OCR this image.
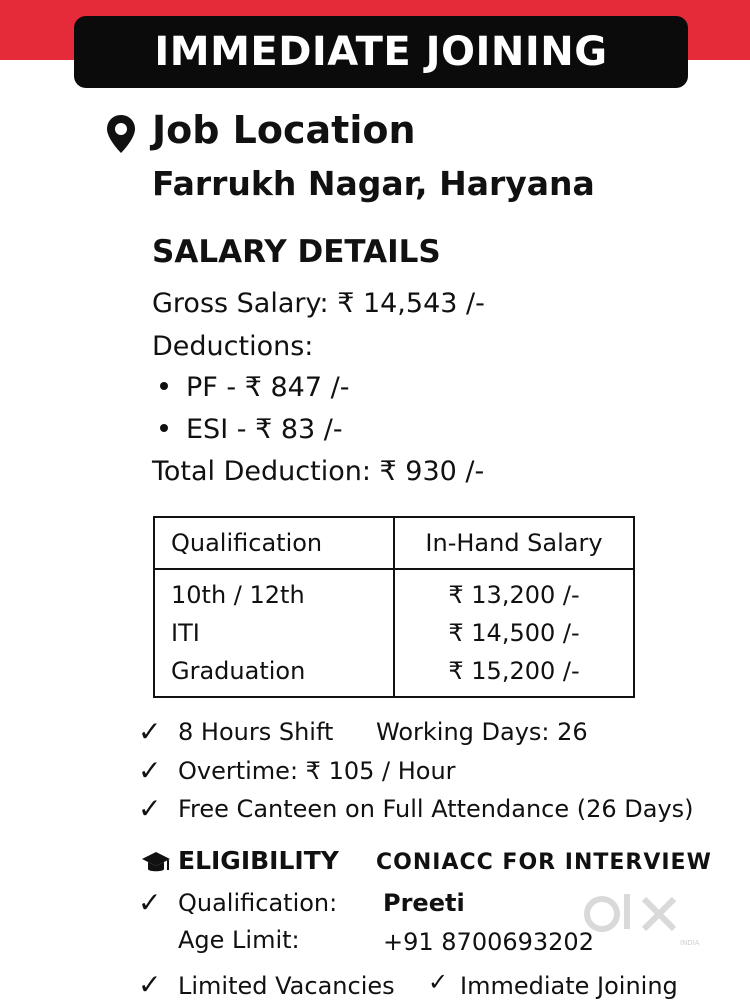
IMMEDIATE JOINING
Job Location
Farrukh Nagar, Haryana
SALARY DETAILS
Gross Salary: ₹ 14,543 /-
Deductions:
PF - ₹ 847 /-
ESI - ₹ 83 /-
Total Deduction: ₹ 930 /-
Qualification	In-Hand Salary
10th / 12th	₹ 13,200 /-
ITI	₹ 14,500 /-
Graduation	₹ 15,200 /-
✓ 8 Hours Shift Working Days: 26
✓ Overtime: ₹ 105 / Hour
✓ Free Canteen on Full Attendance (26 Days)
ELIGIBILITY CONIACC FOR INTERVIEW
✓ Qualification: Preeti
Age Limit:	+91 8700693202
✓ Limited Vacancies ✓ Immediate Joining
INDIA
